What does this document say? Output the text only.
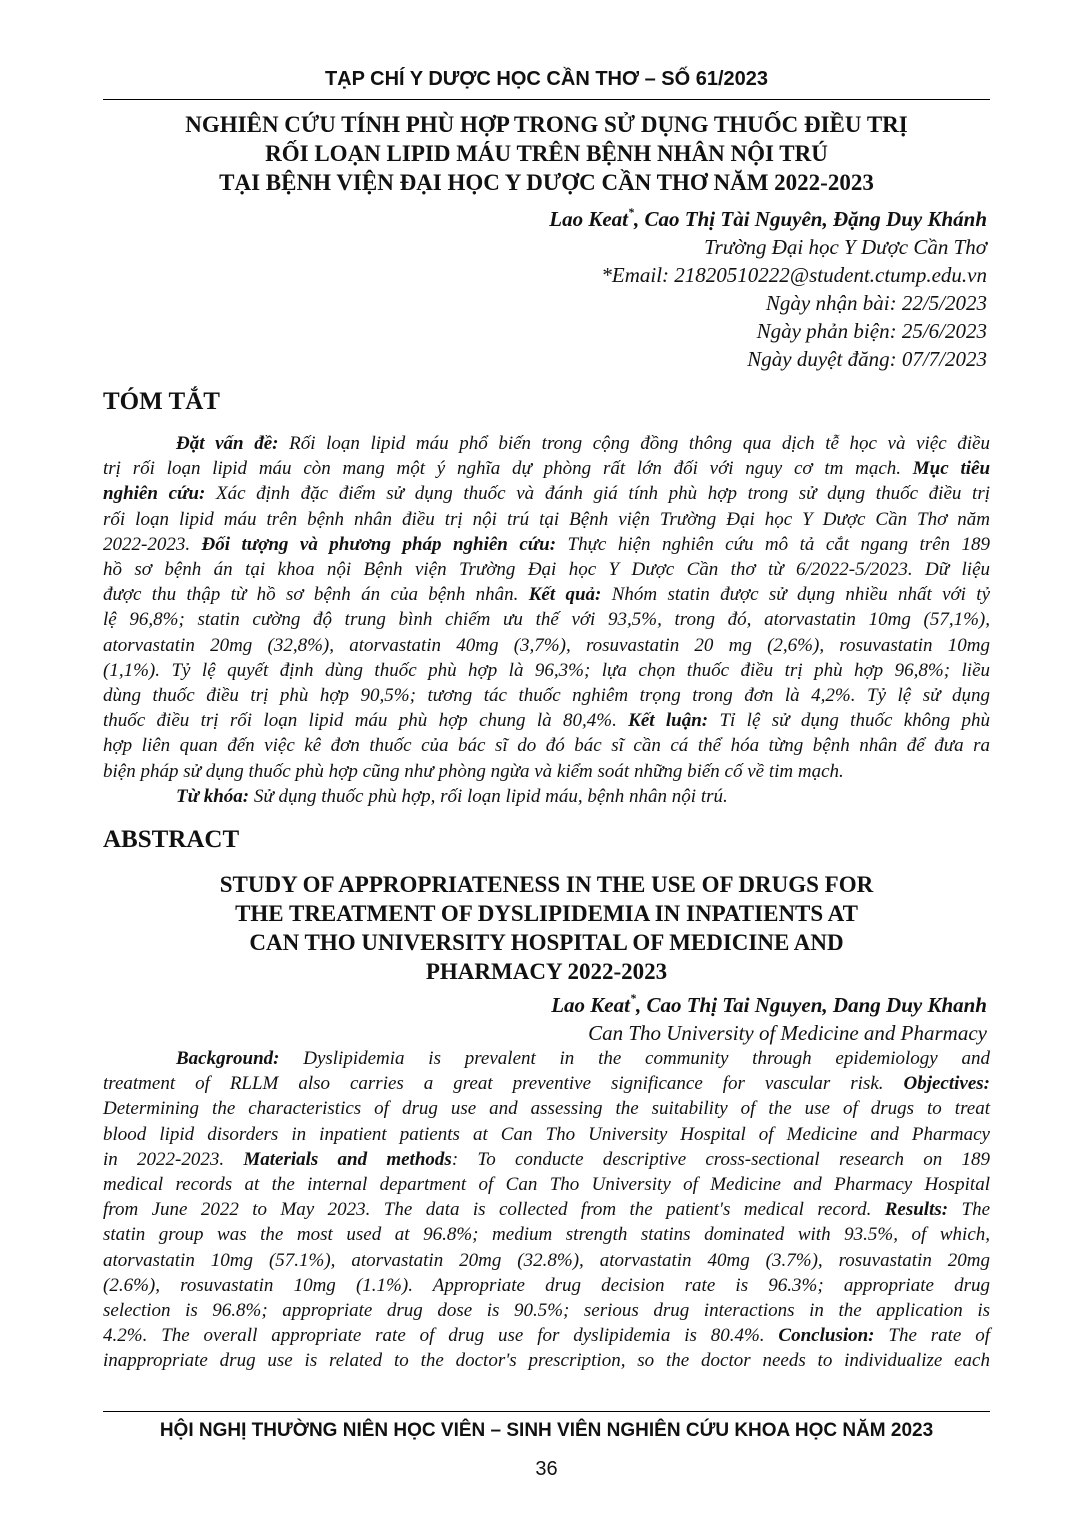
TẠP CHÍ Y DƯỢC HỌC CẦN THƠ – SỐ 61/2023
NGHIÊN CỨU TÍNH PHÙ HỢP TRONG SỬ DỤNG THUỐC ĐIỀU TRỊ
RỐI LOẠN LIPID MÁU TRÊN BỆNH NHÂN NỘI TRÚ
TẠI BỆNH VIỆN ĐẠI HỌC Y DƯỢC CẦN THƠ NĂM 2022-2023
Lao Keat*, Cao Thị Tài Nguyên, Đặng Duy Khánh
Trường Đại học Y Dược Cần Thơ
*Email: 21820510222@student.ctump.edu.vn
Ngày nhận bài: 22/5/2023
Ngày phản biện: 25/6/2023
Ngày duyệt đăng: 07/7/2023
TÓM TẮT
Đặt vấn đề: Rối loạn lipid máu phổ biến trong cộng đồng thông qua dịch tễ học và việc điều
trị rối loạn lipid máu còn mang một ý nghĩa dự phòng rất lớn đối với nguy cơ tm mạch. Mục tiêu
nghiên cứu: Xác định đặc điểm sử dụng thuốc và đánh giá tính phù hợp trong sử dụng thuốc điều trị
rối loạn lipid máu trên bệnh nhân điều trị nội trú tại Bệnh viện Trường Đại học Y Dược Cần Thơ năm
2022-2023. Đối tượng và phương pháp nghiên cứu: Thực hiện nghiên cứu mô tả cắt ngang trên 189
hồ sơ bệnh án tại khoa nội Bệnh viện Trường Đại học Y Dược Cần thơ từ 6/2022-5/2023. Dữ liệu
được thu thập từ hồ sơ bệnh án của bệnh nhân. Kết quả: Nhóm statin được sử dụng nhiều nhất với tỷ
lệ 96,8%; statin cường độ trung bình chiếm ưu thế với 93,5%, trong đó, atorvastatin 10mg (57,1%),
atorvastatin 20mg (32,8%), atorvastatin 40mg (3,7%), rosuvastatin 20 mg (2,6%), rosuvastatin 10mg
(1,1%). Tỷ lệ quyết định dùng thuốc phù hợp là 96,3%; lựa chọn thuốc điều trị phù hợp 96,8%; liều
dùng thuốc điều trị phù hợp 90,5%; tương tác thuốc nghiêm trọng trong đơn là 4,2%. Tỷ lệ sử dụng
thuốc điều trị rối loạn lipid máu phù hợp chung là 80,4%. Kết luận: Tỉ lệ sử dụng thuốc không phù
hợp liên quan đến việc kê đơn thuốc của bác sĩ do đó bác sĩ cần cá thể hóa từng bệnh nhân để đưa ra
biện pháp sử dụng thuốc phù hợp cũng như phòng ngừa và kiểm soát những biến cố về tim mạch.
Từ khóa: Sử dụng thuốc phù hợp, rối loạn lipid máu, bệnh nhân nội trú.
ABSTRACT
STUDY OF APPROPRIATENESS IN THE USE OF DRUGS FOR
THE TREATMENT OF DYSLIPIDEMIA IN INPATIENTS AT
CAN THO UNIVERSITY HOSPITAL OF MEDICINE AND
PHARMACY 2022-2023
Lao Keat*, Cao Thị Tai Nguyen, Dang Duy Khanh
Can Tho University of Medicine and Pharmacy
Background: Dyslipidemia is prevalent in the community through epidemiology and
treatment of RLLM also carries a great preventive significance for vascular risk. Objectives:
Determining the characteristics of drug use and assessing the suitability of the use of drugs to treat
blood lipid disorders in inpatient patients at Can Tho University Hospital of Medicine and Pharmacy
in 2022-2023. Materials and methods: To conducte descriptive cross-sectional research on 189
medical records at the internal department of Can Tho University of Medicine and Pharmacy Hospital
from June 2022 to May 2023. The data is collected from the patient's medical record. Results: The
statin group was the most used at 96.8%; medium strength statins dominated with 93.5%, of which,
atorvastatin 10mg (57.1%), atorvastatin 20mg (32.8%), atorvastatin 40mg (3.7%), rosuvastatin 20mg
(2.6%), rosuvastatin 10mg (1.1%). Appropriate drug decision rate is 96.3%; appropriate drug
selection is 96.8%; appropriate drug dose is 90.5%; serious drug interactions in the application is
4.2%. The overall appropriate rate of drug use for dyslipidemia is 80.4%. Conclusion: The rate of
inappropriate drug use is related to the doctor's prescription, so the doctor needs to individualize each
HỘI NGHỊ THƯỜNG NIÊN HỌC VIÊN – SINH VIÊN NGHIÊN CỨU KHOA HỌC NĂM 2023
36
